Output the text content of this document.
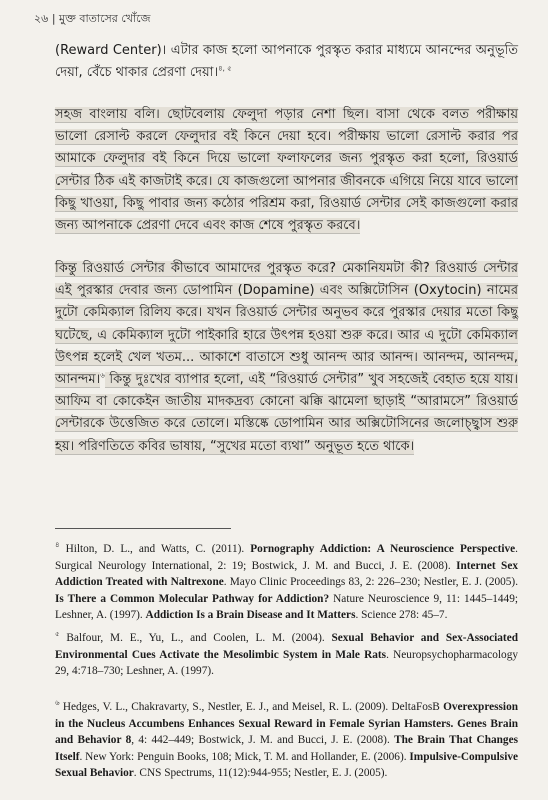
২৬ | মুক্ত বাতাসের খোঁজে

(Reward Center)। এটার কাজ হলো আপনাকে পুরস্কৃত করার মাধ্যমে আনন্দের অনুভূতি দেয়া, বেঁচে থাকার প্রেরণা দেয়া।$^{৪, ৫}$

সহজ বাংলায় বলি। ছোটবেলায় ফেলুদা পড়ার নেশা ছিল। বাসা থেকে বলত পরীক্ষায় ভালো রেসাল্ট করলে ফেলুদার বই কিনে দেয়া হবে। পরীক্ষায় ভালো রেসাল্ট করার পর আমাকে ফেলুদার বই কিনে দিয়ে ভালো ফলাফলের জন্য পুরস্কৃত করা হলো, রিওয়ার্ড সেন্টার ঠিক এই কাজটাই করে। যে কাজগুলো আপনার জীবনকে এগিয়ে নিয়ে যাবে ভালো কিছু খাওয়া, কিছু পাবার জন্য কঠোর পরিশ্রম করা, রিওয়ার্ড সেন্টার সেই কাজগুলো করার জন্য আপনাকে প্রেরণা দেবে এবং কাজ শেষে পুরস্কৃত করবে।

কিন্তু রিওয়ার্ড সেন্টার কীভাবে আমাদের পুরস্কৃত করে? মেকানিযমটা কী? রিওয়ার্ড সেন্টার এই পুরস্কার দেবার জন্য ডোপামিন (Dopamine) এবং অক্সিটোসিন (Oxytocin) নামের দুটো কেমিক্যাল রিলিয করে। যখন রিওয়ার্ড সেন্টার অনুভব করে পুরস্কার দেয়ার মতো কিছু ঘটেছে, এ কেমিক্যাল দুটো পাইকারি হারে উৎপন্ন হওয়া শুরু করে। আর এ দুটো কেমিক্যাল উৎপন্ন হলেই খেল খতম... আকাশে বাতাসে শুধু আনন্দ আর আনন্দ। আনন্দম, আনন্দম, আনন্দম।$^৬$ কিন্তু দুঃখের ব্যাপার হলো, এই “রিওয়ার্ড সেন্টার” খুব সহজেই বেহাত হয়ে যায়। আফিম বা কোকেইন জাতীয় মাদকদ্রব্য কোনো ঝক্কি ঝামেলা ছাড়াই “আরামসে” রিওয়ার্ড সেন্টারকে উত্তেজিত করে তোলে। মস্তিষ্কে ডোপামিন আর অক্সিটোসিনের জলোচ্ছ্বাস শুরু হয়। পরিণতিতে কবির ভাষায়, “সুখের মতো ব্যথা” অনুভূত হতে থাকে।

$^৪$ Hilton, D. L., and Watts, C. (2011). Pornography Addiction: A Neuroscience Perspective. Surgical Neurology International, 2: 19; Bostwick, J. M. and Bucci, J. E. (2008). Internet Sex Addiction Treated with Naltrexone. Mayo Clinic Proceedings 83, 2: 226–230; Nestler, E. J. (2005). Is There a Common Molecular Pathway for Addiction? Nature Neuroscience 9, 11: 1445–1449; Leshner, A. (1997). Addiction Is a Brain Disease and It Matters. Science 278: 45–7.

$^৫$ Balfour, M. E., Yu, L., and Coolen, L. M. (2004). Sexual Behavior and Sex-Associated Environmental Cues Activate the Mesolimbic System in Male Rats. Neuropsychopharmacology 29, 4:718–730; Leshner, A. (1997).

$^৬$ Hedges, V. L., Chakravarty, S., Nestler, E. J., and Meisel, R. L. (2009). DeltaFosB Overexpression in the Nucleus Accumbens Enhances Sexual Reward in Female Syrian Hamsters. Genes Brain and Behavior 8, 4: 442–449; Bostwick, J. M. and Bucci, J. E. (2008). The Brain That Changes Itself. New York: Penguin Books, 108; Mick, T. M. and Hollander, E. (2006). Impulsive-Compulsive Sexual Behavior. CNS Spectrums, 11(12):944-955; Nestler, E. J. (2005).
